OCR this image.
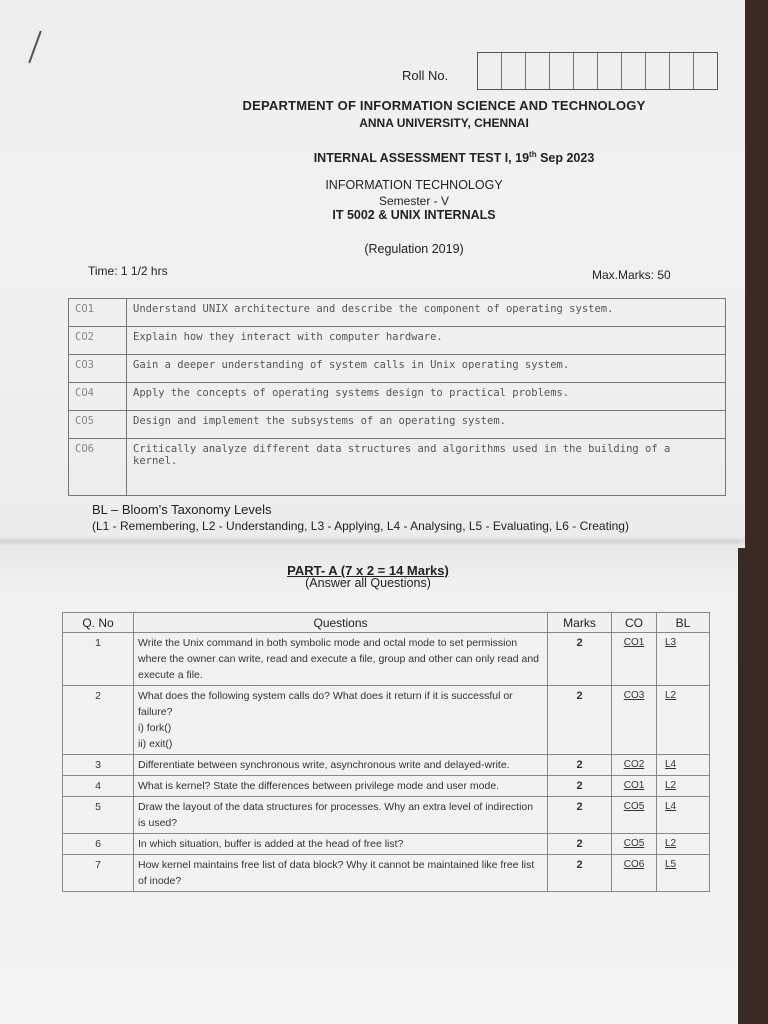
Roll No.
DEPARTMENT OF INFORMATION SCIENCE AND TECHNOLOGY
ANNA UNIVERSITY, CHENNAI
INTERNAL ASSESSMENT TEST I, 19th Sep 2023
INFORMATION TECHNOLOGY
Semester - V
IT 5002 & UNIX INTERNALS
(Regulation 2019)
Time: 1 1/2 hrs	Max.Marks: 50
CO1	Understand UNIX architecture and describe the component of operating system.
CO2	Explain how they interact with computer hardware.
CO3	Gain a deeper understanding of system calls in Unix operating system.
CO4	Apply the concepts of operating systems design to practical problems.
CO5	Design and implement the subsystems of an operating system.
CO6	Critically analyze different data structures and algorithms used in the building of a kernel.
BL – Bloom's Taxonomy Levels
(L1 - Remembering, L2 - Understanding, L3 - Applying, L4 - Analysing, L5 - Evaluating, L6 - Creating)
PART- A (7 x 2 = 14 Marks)
(Answer all Questions)
Q. No	Questions	Marks	CO	BL
1	Write the Unix command in both symbolic mode and octal mode to set permission where the owner can write, read and execute a file, group and other can only read and execute a file.	2	CO1	L3
2	What does the following system calls do? What does it return if it is successful or failure?
i) fork()
ii) exit()	2	CO3	L2
3	Differentiate between synchronous write, asynchronous write and delayed-write.	2	CO2	L4
4	What is kernel? State the differences between privilege mode and user mode.	2	CO1	L2
5	Draw the layout of the data structures for processes. Why an extra level of indirection is used?	2	CO5	L4
6	In which situation, buffer is added at the head of free list?	2	CO5	L2
7	How kernel maintains free list of data block? Why it cannot be maintained like free list of inode?	2	CO6	L5
